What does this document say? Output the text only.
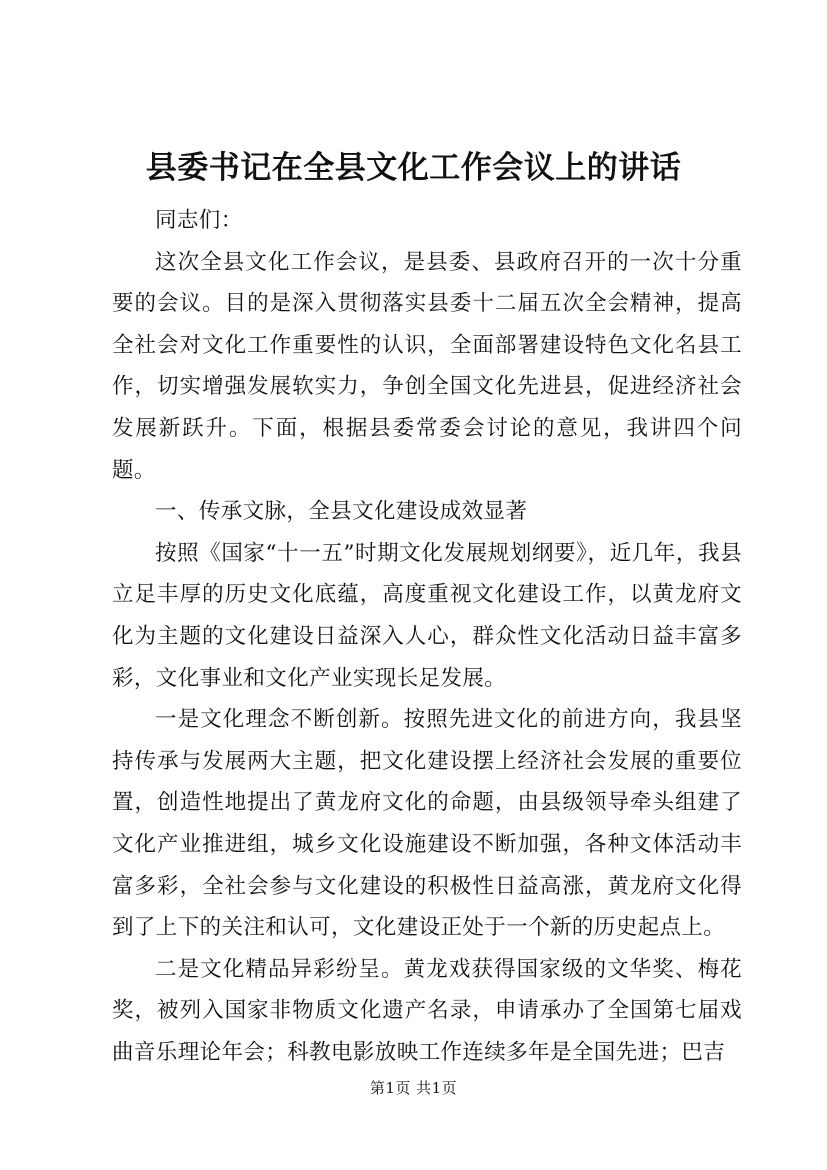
县委书记在全县文化工作会议上的讲话

同志们：

这次全县文化工作会议，是县委、县政府召开的一次十分重要的会议。目的是深入贯彻落实县委十二届五次全会精神，提高全社会对文化工作重要性的认识，全面部署建设特色文化名县工作，切实增强发展软实力，争创全国文化先进县，促进经济社会发展新跃升。下面，根据县委常委会讨论的意见，我讲四个问题。

一、传承文脉，全县文化建设成效显著

按照《国家“十一五”时期文化发展规划纲要》，近几年，我县立足丰厚的历史文化底蕴，高度重视文化建设工作，以黄龙府文化为主题的文化建设日益深入人心，群众性文化活动日益丰富多彩，文化事业和文化产业实现长足发展。

一是文化理念不断创新。按照先进文化的前进方向，我县坚持传承与发展两大主题，把文化建设摆上经济社会发展的重要位置，创造性地提出了黄龙府文化的命题，由县级领导牵头组建了文化产业推进组，城乡文化设施建设不断加强，各种文体活动丰富多彩，全社会参与文化建设的积极性日益高涨，黄龙府文化得到了上下的关注和认可，文化建设正处于一个新的历史起点上。

二是文化精品异彩纷呈。黄龙戏获得国家级的文华奖、梅花奖，被列入国家非物质文化遗产名录，申请承办了全国第七届戏曲音乐理论年会；科教电影放映工作连续多年是全国先进；巴吉

第1页 共1页
